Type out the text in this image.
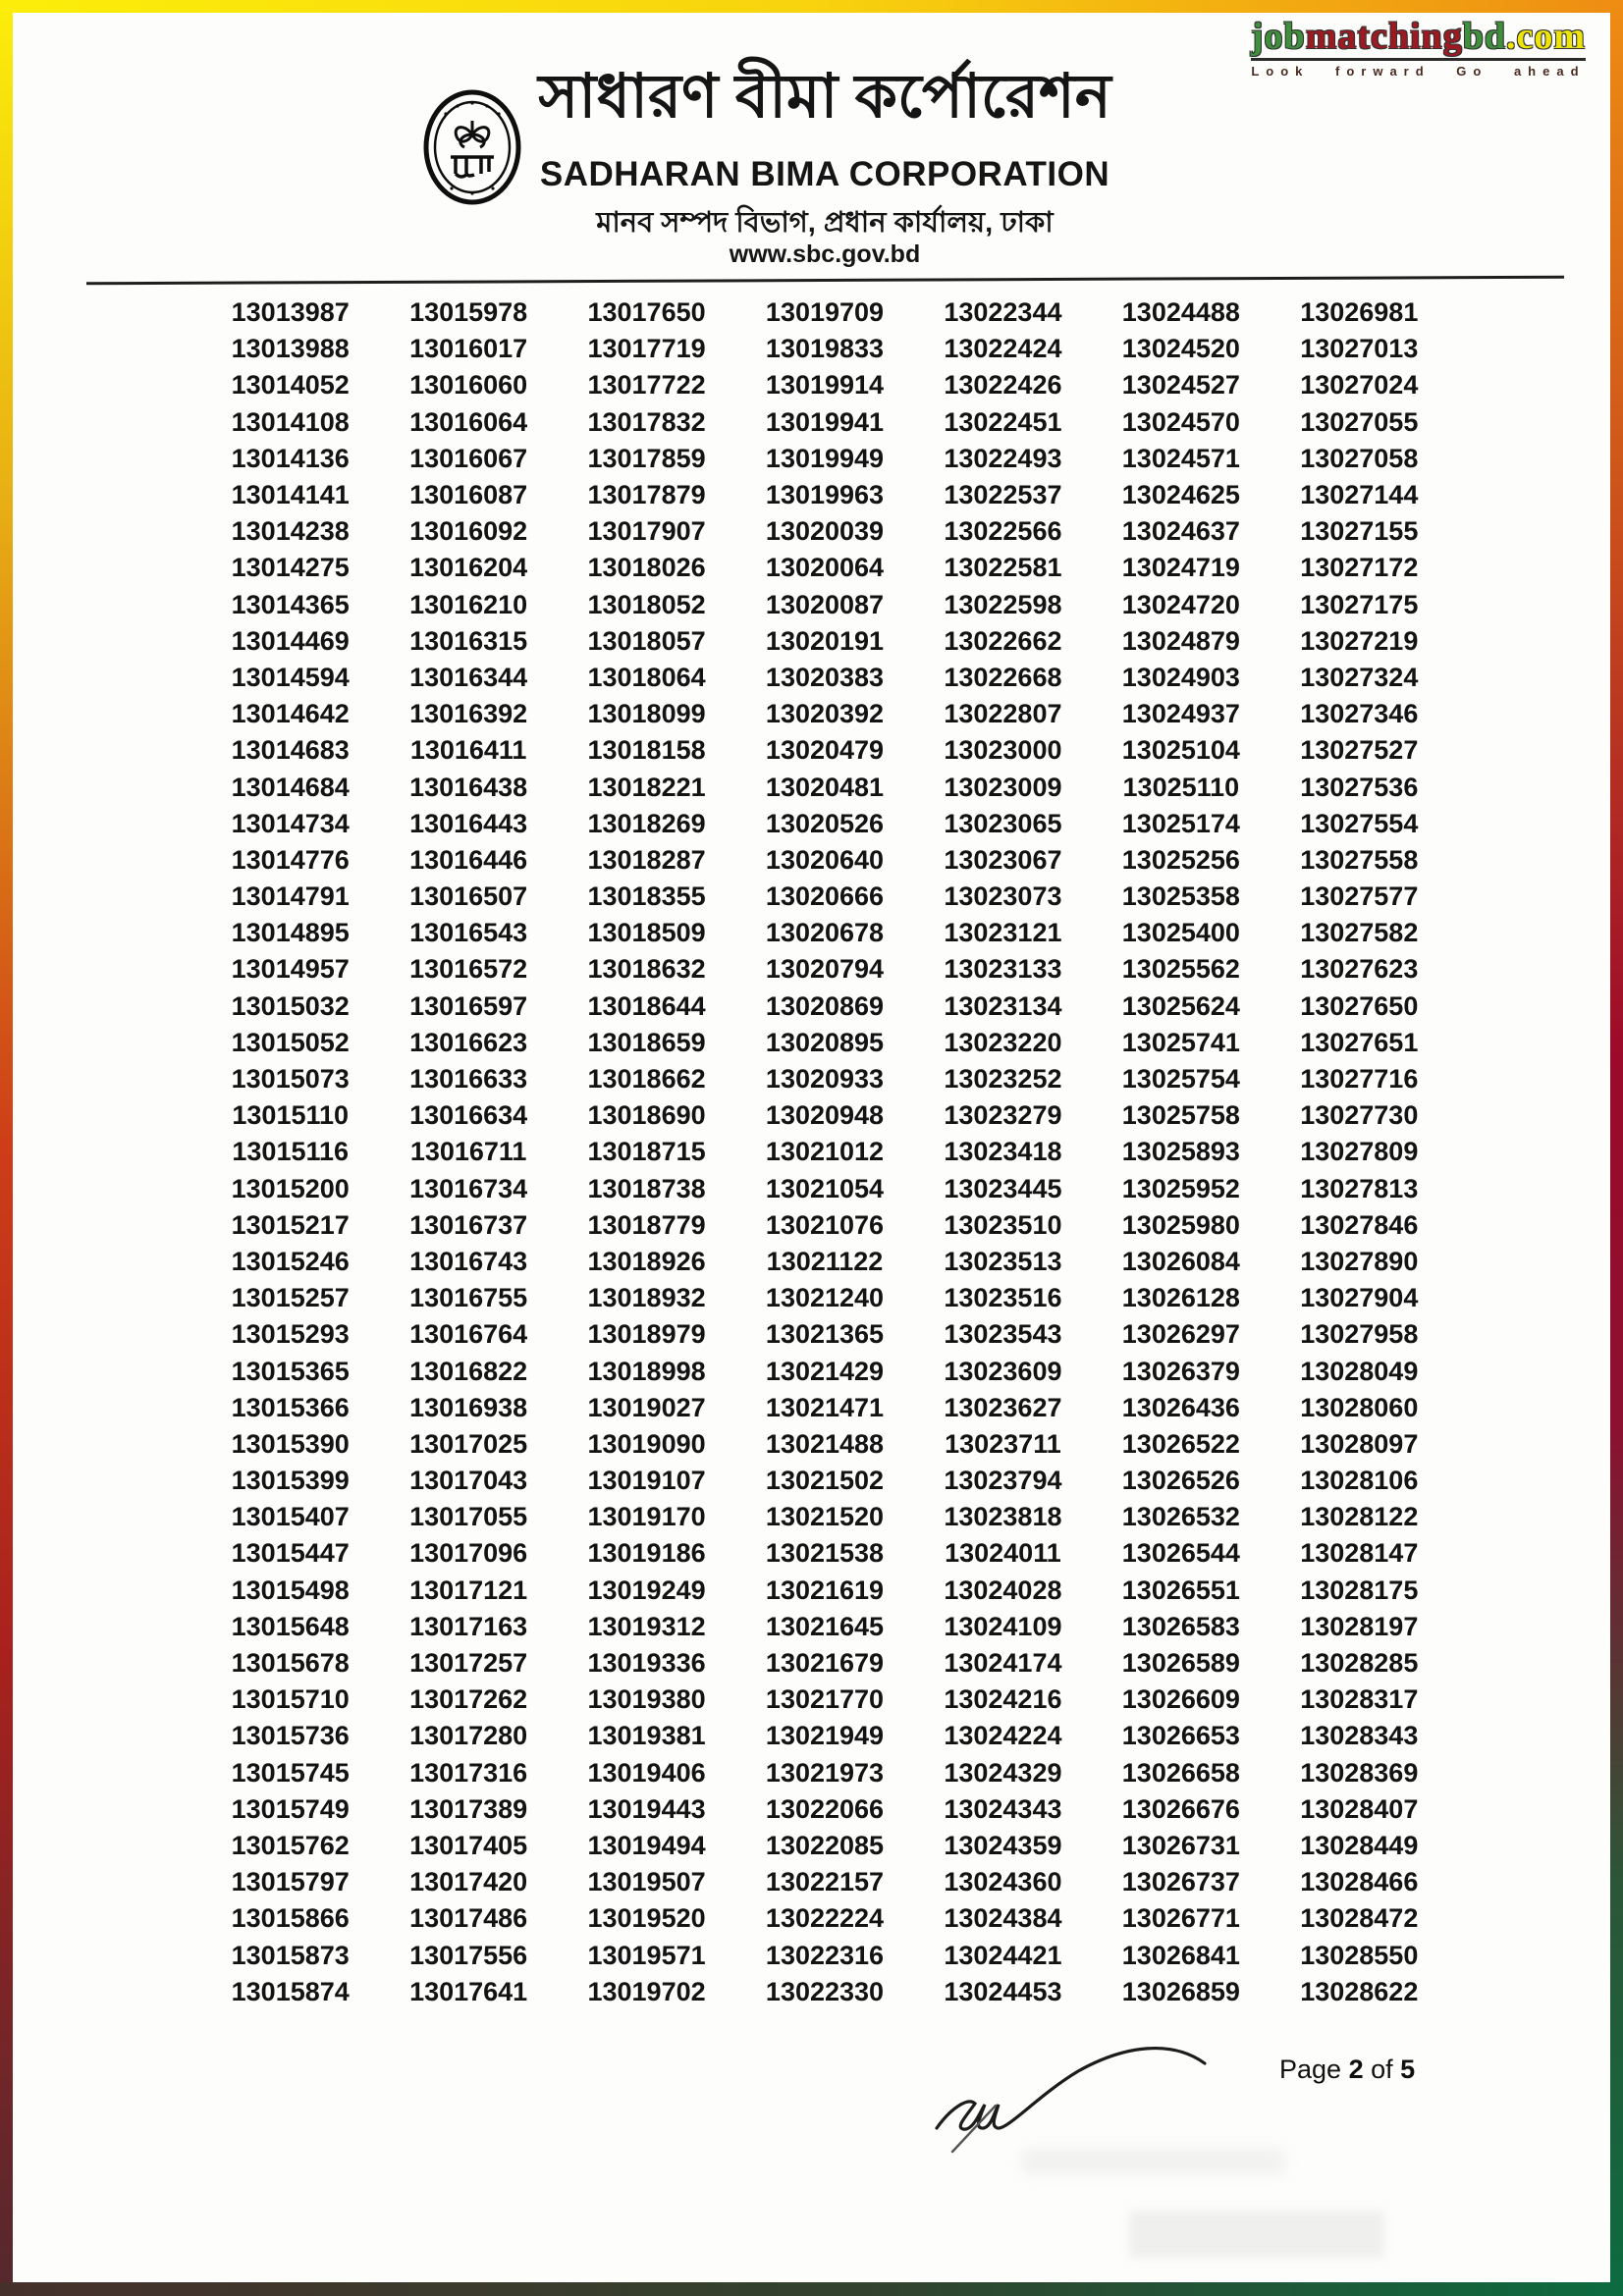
jobmatchingbd.com
Look forward Go ahead
সাধারণ বীমা কর্পোরেশন
SADHARAN BIMA CORPORATION
মানব সম্পদ বিভাগ, প্রধান কার্যালয়, ঢাকা
www.sbc.gov.bd
13013987	13015978	13017650	13019709	13022344	13024488	13026981
13013988	13016017	13017719	13019833	13022424	13024520	13027013
13014052	13016060	13017722	13019914	13022426	13024527	13027024
13014108	13016064	13017832	13019941	13022451	13024570	13027055
13014136	13016067	13017859	13019949	13022493	13024571	13027058
13014141	13016087	13017879	13019963	13022537	13024625	13027144
13014238	13016092	13017907	13020039	13022566	13024637	13027155
13014275	13016204	13018026	13020064	13022581	13024719	13027172
13014365	13016210	13018052	13020087	13022598	13024720	13027175
13014469	13016315	13018057	13020191	13022662	13024879	13027219
13014594	13016344	13018064	13020383	13022668	13024903	13027324
13014642	13016392	13018099	13020392	13022807	13024937	13027346
13014683	13016411	13018158	13020479	13023000	13025104	13027527
13014684	13016438	13018221	13020481	13023009	13025110	13027536
13014734	13016443	13018269	13020526	13023065	13025174	13027554
13014776	13016446	13018287	13020640	13023067	13025256	13027558
13014791	13016507	13018355	13020666	13023073	13025358	13027577
13014895	13016543	13018509	13020678	13023121	13025400	13027582
13014957	13016572	13018632	13020794	13023133	13025562	13027623
13015032	13016597	13018644	13020869	13023134	13025624	13027650
13015052	13016623	13018659	13020895	13023220	13025741	13027651
13015073	13016633	13018662	13020933	13023252	13025754	13027716
13015110	13016634	13018690	13020948	13023279	13025758	13027730
13015116	13016711	13018715	13021012	13023418	13025893	13027809
13015200	13016734	13018738	13021054	13023445	13025952	13027813
13015217	13016737	13018779	13021076	13023510	13025980	13027846
13015246	13016743	13018926	13021122	13023513	13026084	13027890
13015257	13016755	13018932	13021240	13023516	13026128	13027904
13015293	13016764	13018979	13021365	13023543	13026297	13027958
13015365	13016822	13018998	13021429	13023609	13026379	13028049
13015366	13016938	13019027	13021471	13023627	13026436	13028060
13015390	13017025	13019090	13021488	13023711	13026522	13028097
13015399	13017043	13019107	13021502	13023794	13026526	13028106
13015407	13017055	13019170	13021520	13023818	13026532	13028122
13015447	13017096	13019186	13021538	13024011	13026544	13028147
13015498	13017121	13019249	13021619	13024028	13026551	13028175
13015648	13017163	13019312	13021645	13024109	13026583	13028197
13015678	13017257	13019336	13021679	13024174	13026589	13028285
13015710	13017262	13019380	13021770	13024216	13026609	13028317
13015736	13017280	13019381	13021949	13024224	13026653	13028343
13015745	13017316	13019406	13021973	13024329	13026658	13028369
13015749	13017389	13019443	13022066	13024343	13026676	13028407
13015762	13017405	13019494	13022085	13024359	13026731	13028449
13015797	13017420	13019507	13022157	13024360	13026737	13028466
13015866	13017486	13019520	13022224	13024384	13026771	13028472
13015873	13017556	13019571	13022316	13024421	13026841	13028550
13015874	13017641	13019702	13022330	13024453	13026859	13028622
Page 2 of 5
